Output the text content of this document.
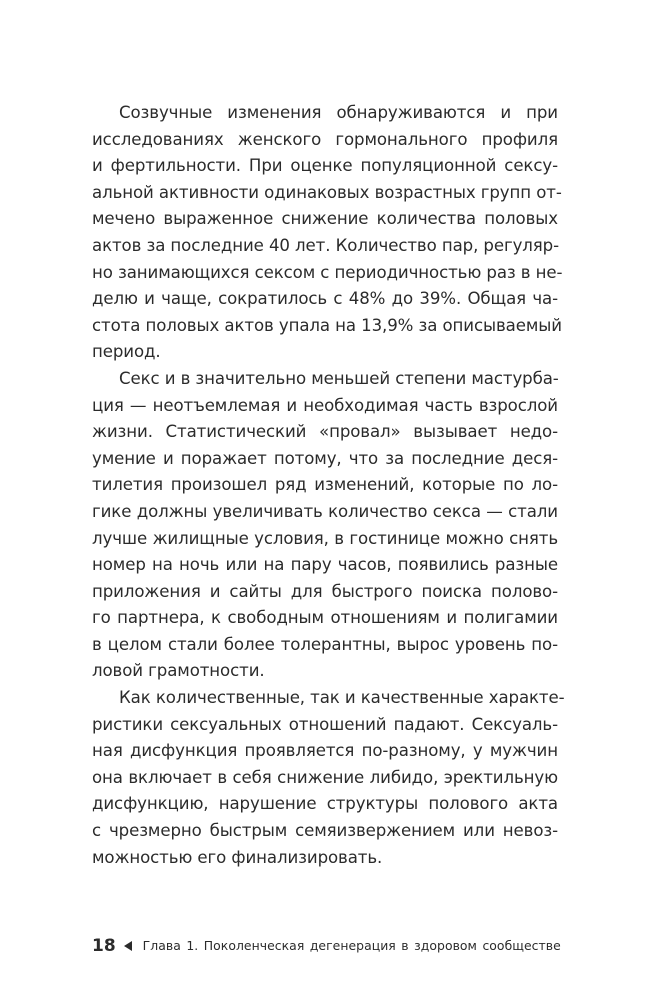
Созвучные изменения обнаруживаются и при
исследованиях женского гормонального профиля
и фертильности. При оценке популяционной сексу-
альной активности одинаковых возрастных групп от-
мечено выраженное снижение количества половых
актов за последние 40 лет. Количество пар, регуляр-
но занимающихся сексом с периодичностью раз в не-
делю и чаще, сократилось с 48% до 39%. Общая ча-
стота половых актов упала на 13,9% за описываемый
период.
Секс и в значительно меньшей степени мастурба-
ция — неотъемлемая и необходимая часть взрослой
жизни. Статистический «провал» вызывает недо-
умение и поражает потому, что за последние деся-
тилетия произошел ряд изменений, которые по ло-
гике должны увеличивать количество секса — стали
лучше жилищные условия, в гостинице можно снять
номер на ночь или на пару часов, появились разные
приложения и сайты для быстрого поиска полово-
го партнера, к свободным отношениям и полигамии
в целом стали более толерантны, вырос уровень по-
ловой грамотности.
Как количественные, так и качественные характе-
ристики сексуальных отношений падают. Сексуаль-
ная дисфункция проявляется по-разному, у мужчин
она включает в себя снижение либидо, эректильную
дисфункцию, нарушение структуры полового акта
с чрезмерно быстрым семяизвержением или невоз-
можностью его финализировать.
18 Глава 1. Поколенческая дегенерация в здоровом сообществе
